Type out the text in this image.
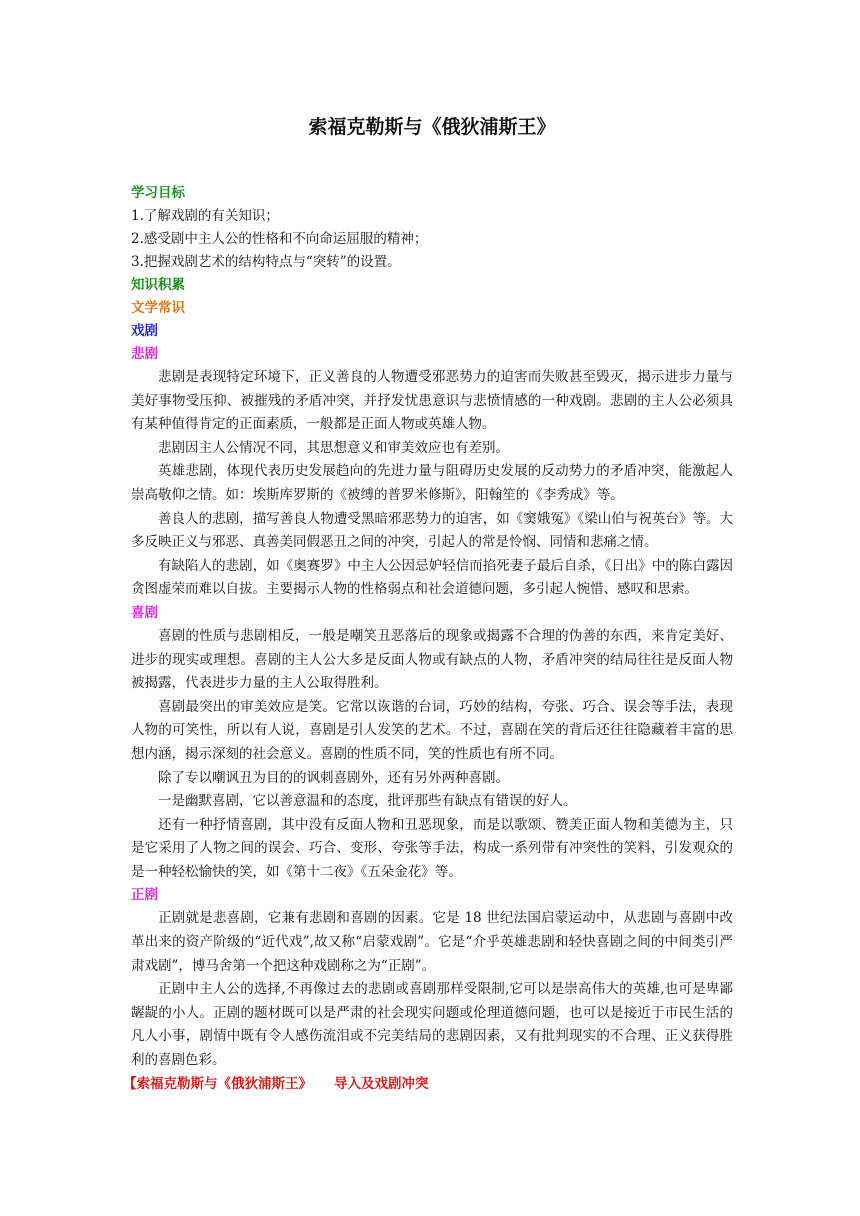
索福克勒斯与《俄狄浦斯王》

学习目标

1.了解戏剧的有关知识；

2.感受剧中主人公的性格和不向命运屈服的精神；

3.把握戏剧艺术的结构特点与“突转”的设置。

知识积累

文学常识

戏剧

悲剧

悲剧是表现特定环境下，正义善良的人物遭受邪恶势力的迫害而失败甚至毁灭，揭示进步力量与美好事物受压抑、被摧残的矛盾冲突，并抒发忧患意识与悲愤情感的一种戏剧。悲剧的主人公必须具有某种值得肯定的正面素质，一般都是正面人物或英雄人物。

悲剧因主人公情况不同，其思想意义和审美效应也有差别。

英雄悲剧，体现代表历史发展趋向的先进力量与阻碍历史发展的反动势力的矛盾冲突，能激起人崇高敬仰之情。如：埃斯库罗斯的《被缚的普罗米修斯》，阳翰笙的《李秀成》等。

善良人的悲剧，描写善良人物遭受黑暗邪恶势力的迫害，如《窦娥冤》《梁山伯与祝英台》等。大多反映正义与邪恶、真善美同假恶丑之间的冲突，引起人的常是怜悯、同情和悲痛之情。

有缺陷人的悲剧，如《奥赛罗》中主人公因忌妒轻信而掐死妻子最后自杀，《日出》中的陈白露因贪图虚荣而难以自拔。主要揭示人物的性格弱点和社会道德问题，多引起人惋惜、感叹和思索。

喜剧

喜剧的性质与悲剧相反，一般是嘲笑丑恶落后的现象或揭露不合理的伪善的东西，来肯定美好、进步的现实或理想。喜剧的主人公大多是反面人物或有缺点的人物，矛盾冲突的结局往往是反面人物被揭露，代表进步力量的主人公取得胜利。

喜剧最突出的审美效应是笑。它常以诙谐的台词，巧妙的结构，夸张、巧合、误会等手法，表现人物的可笑性，所以有人说，喜剧是引人发笑的艺术。不过，喜剧在笑的背后还往往隐藏着丰富的思想内涵，揭示深刻的社会意义。喜剧的性质不同，笑的性质也有所不同。

除了专以嘲讽丑为目的的讽刺喜剧外，还有另外两种喜剧。

一是幽默喜剧，它以善意温和的态度，批评那些有缺点有错误的好人。

还有一种抒情喜剧，其中没有反面人物和丑恶现象，而是以歌颂、赞美正面人物和美德为主，只是它采用了人物之间的误会、巧合、变形、夸张等手法，构成一系列带有冲突性的笑料，引发观众的是一种轻松愉快的笑，如《第十二夜》《五朵金花》等。

正剧

正剧就是悲喜剧，它兼有悲剧和喜剧的因素。它是 18 世纪法国启蒙运动中，从悲剧与喜剧中改革出来的资产阶级的“近代戏”,故又称“启蒙戏剧”。它是“介乎英雄悲剧和轻快喜剧之间的中间类引严肃戏剧”，博马舍第一个把这种戏剧称之为“正剧”。

正剧中主人公的选择,不再像过去的悲剧或喜剧那样受限制,它可以是崇高伟大的英雄,也可是卑鄙龌龊的小人。正剧的题材既可以是严肃的社会现实问题或伦理道德问题，也可以是接近于市民生活的凡人小事，剧情中既有令人感伤流泪或不完美结局的悲剧因素，又有批判现实的不合理、正义获得胜利的喜剧色彩。

【索福克勒斯与《俄狄浦斯王》 导入及戏剧冲突
